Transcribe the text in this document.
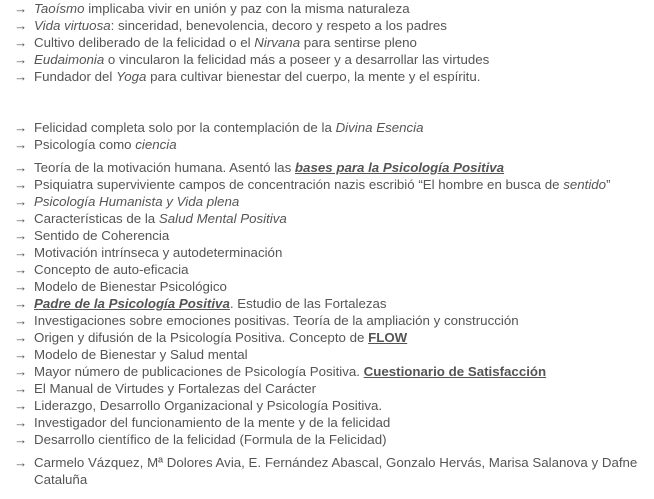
→ Taoísmo implicaba vivir en unión y paz con la misma naturaleza
→ Vida virtuosa: sinceridad, benevolencia, decoro y respeto a los padres
→ Cultivo deliberado de la felicidad o el Nirvana para sentirse pleno
→ Eudaimonia o vincularon la felicidad más a poseer y a desarrollar las virtudes
→ Fundador del Yoga para cultivar bienestar del cuerpo, la mente y el espíritu.
→ Felicidad completa solo por la contemplación de la Divina Esencia
→ Psicología como ciencia
→ Teoría de la motivación humana. Asentó las bases para la Psicología Positiva
→ Psiquiatra superviviente campos de concentración nazis escribió “El hombre en busca de sentido”
→ Psicología Humanista y Vida plena
→ Características de la Salud Mental Positiva
→ Sentido de Coherencia
→ Motivación intrínseca y autodeterminación
→ Concepto de auto-eficacia
→ Modelo de Bienestar Psicológico
→ Padre de la Psicología Positiva. Estudio de las Fortalezas
→ Investigaciones sobre emociones positivas. Teoría de la ampliación y construcción
→ Origen y difusión de la Psicología Positiva. Concepto de FLOW
→ Modelo de Bienestar y Salud mental
→ Mayor número de publicaciones de Psicología Positiva. Cuestionario de Satisfacción
→ El Manual de Virtudes y Fortalezas del Carácter
→ Liderazgo, Desarrollo Organizacional y Psicología Positiva.
→ Investigador del funcionamiento de la mente y de la felicidad
→ Desarrollo científico de la felicidad (Formula de la Felicidad)
→ Carmelo Vázquez, Mª Dolores Avia, E. Fernández Abascal, Gonzalo Hervás, Marisa Salanova y Dafne Cataluña
